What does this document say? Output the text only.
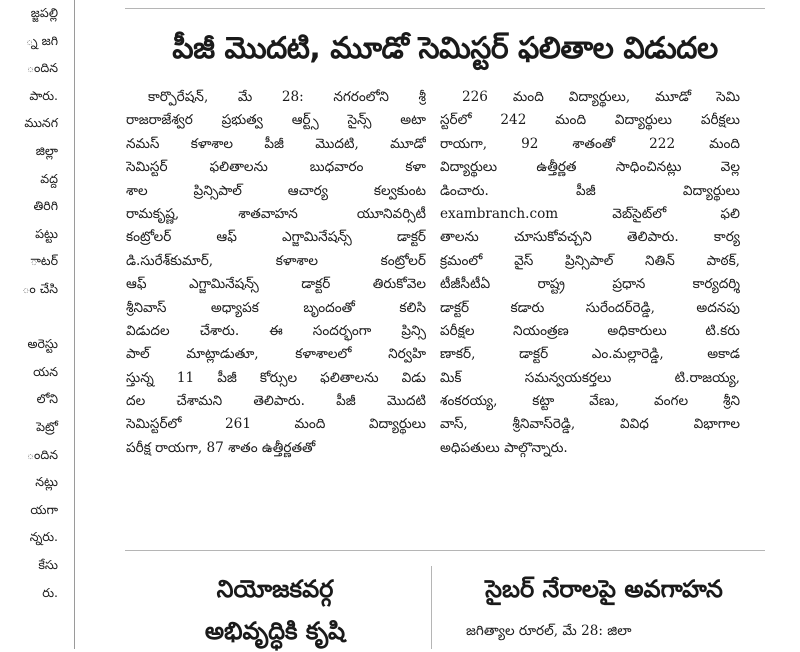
జ్జపల్లి
్న జగి
ందిన
పారు.
మునగ
జిల్లా
వద్ద
తిరిగి
పట్టు
ాటర్
ం చేసి
అరెస్టు
యన
లోని
పెట్రో
ందిన
నట్లు
యగా
న్నరు.
కేసు
రు.
పీజీ మొదటి, మూడో సెమిస్టర్ ఫలితాల విడుదల
కార్పొరేషన్, మే 28: నగరంలోని శ్రీ
రాజరాజేశ్వర ప్రభుత్వ ఆర్ట్స్ సైన్స్ అటా
నమస్ కళాశాల పీజీ మొదటి, మూడో
సెమిస్టర్ ఫలితాలను బుధవారం కళా
శాల ప్రిన్సిపాల్ ఆచార్య కల్వకుంట
రామకృష్ణ, శాతవాహన యూనివర్సిటీ
కంట్రోలర్ ఆఫ్ ఎగ్జామినేషన్స్ డాక్టర్
డి.సురేశ్‌కుమార్, కళాశాల కంట్రోలర్
ఆఫ్ ఎగ్జామినేషన్స్ డాక్టర్ తిరుకోవెల
శ్రీనివాస్ అధ్యాపక బృందంతో కలిసి
విడుదల చేశారు. ఈ సందర్భంగా ప్రిన్సి
పాల్ మాట్లాడుతూ, కళాశాలలో నిర్వహి
స్తున్న 11 పీజీ కోర్సుల ఫలితాలను విడు
దల చేశామని తెలిపారు. పీజీ మొదటి
సెమిస్టర్‌లో 261 మంది విద్యార్థులు
పరీక్ష రాయగా, 87 శాతం ఉత్తీర్ణతతో
226 మంది విద్యార్థులు, మూడో సెమి
స్టర్‌లో 242 మంది విద్యార్థులు పరీక్షలు
రాయగా, 92 శాతంతో 222 మంది
విద్యార్థులు ఉత్తీర్ణత సాధించినట్లు వెల్ల
డించారు. పీజీ విద్యార్థులు
exambranch.com వెబ్‌సైట్‌లో ఫలి
తాలను చూసుకోవచ్చని తెలిపారు. కార్య
క్రమంలో వైస్ ప్రిన్సిపాల్ నితిన్ పాఠక్,
టీజీసీటీఏ రాష్ట్ర ప్రధాన కార్యదర్శి
డాక్టర్ కడారు సురేందర్‌రెడ్డి, అదనపు
పరీక్షల నియంత్రణ అధికారులు టి.కరు
ణాకర్, డాక్టర్ ఎం.మల్లారెడ్డి, అకాడ
మిక్ సమన్వయకర్తలు టి.రాజయ్య,
శంకరయ్య, కట్టా వేణు, వంగల శ్రీని
వాస్, శ్రీనివాస్‌రెడ్డి, వివిధ విభాగాల
అధిపతులు పాల్గొన్నారు.
నియోజకవర్గ
అభివృద్ధికి కృషి
సైబర్ నేరాలపై అవగాహన
జగిత్యాల రూరల్, మే 28: జిలా
